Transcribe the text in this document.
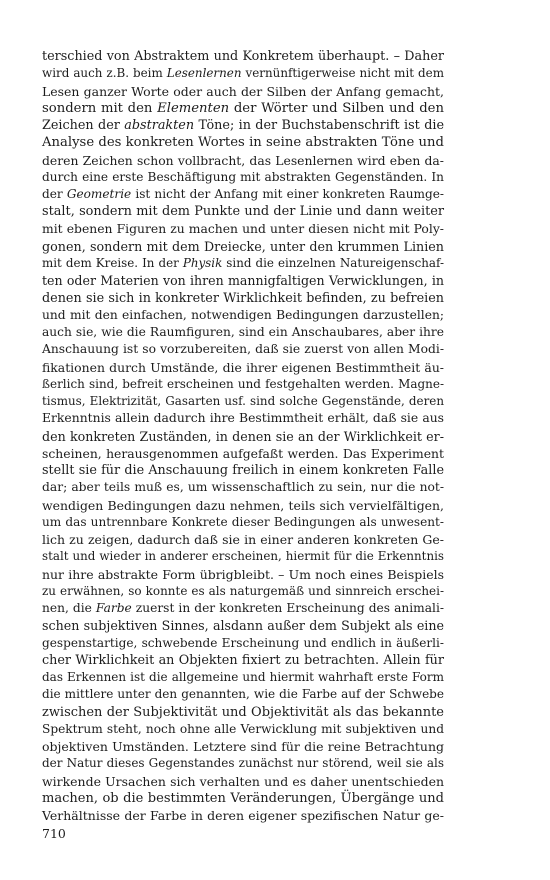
terschied von Abstraktem und Konkretem überhaupt. – Daher
wird auch z.B. beim Lesenlernen vernünftigerweise nicht mit dem
Lesen ganzer Worte oder auch der Silben der Anfang gemacht,
sondern mit den Elementen der Wörter und Silben und den
Zeichen der abstrakten Töne; in der Buchstabenschrift ist die
Analyse des konkreten Wortes in seine abstrakten Töne und
deren Zeichen schon vollbracht, das Lesenlernen wird eben da-
durch eine erste Beschäftigung mit abstrakten Gegenständen. In
der Geometrie ist nicht der Anfang mit einer konkreten Raumge-
stalt, sondern mit dem Punkte und der Linie und dann weiter
mit ebenen Figuren zu machen und unter diesen nicht mit Poly-
gonen, sondern mit dem Dreiecke, unter den krummen Linien
mit dem Kreise. In der Physik sind die einzelnen Natureigenschaf-
ten oder Materien von ihren mannigfaltigen Verwicklungen, in
denen sie sich in konkreter Wirklichkeit befinden, zu befreien
und mit den einfachen, notwendigen Bedingungen darzustellen;
auch sie, wie die Raumfiguren, sind ein Anschaubares, aber ihre
Anschauung ist so vorzubereiten, daß sie zuerst von allen Modi-
fikationen durch Umstände, die ihrer eigenen Bestimmtheit äu-
ßerlich sind, befreit erscheinen und festgehalten werden. Magne-
tismus, Elektrizität, Gasarten usf. sind solche Gegenstände, deren
Erkenntnis allein dadurch ihre Bestimmtheit erhält, daß sie aus
den konkreten Zuständen, in denen sie an der Wirklichkeit er-
scheinen, herausgenommen aufgefaßt werden. Das Experiment
stellt sie für die Anschauung freilich in einem konkreten Falle
dar; aber teils muß es, um wissenschaftlich zu sein, nur die not-
wendigen Bedingungen dazu nehmen, teils sich vervielfältigen,
um das untrennbare Konkrete dieser Bedingungen als unwesent-
lich zu zeigen, dadurch daß sie in einer anderen konkreten Ge-
stalt und wieder in anderer erscheinen, hiermit für die Erkenntnis
nur ihre abstrakte Form übrigbleibt. – Um noch eines Beispiels
zu erwähnen, so konnte es als naturgemäß und sinnreich erschei-
nen, die Farbe zuerst in der konkreten Erscheinung des animali-
schen subjektiven Sinnes, alsdann außer dem Subjekt als eine
gespenstartige, schwebende Erscheinung und endlich in äußerli-
cher Wirklichkeit an Objekten fixiert zu betrachten. Allein für
das Erkennen ist die allgemeine und hiermit wahrhaft erste Form
die mittlere unter den genannten, wie die Farbe auf der Schwebe
zwischen der Subjektivität und Objektivität als das bekannte
Spektrum steht, noch ohne alle Verwicklung mit subjektiven und
objektiven Umständen. Letztere sind für die reine Betrachtung
der Natur dieses Gegenstandes zunächst nur störend, weil sie als
wirkende Ursachen sich verhalten und es daher unentschieden
machen, ob die bestimmten Veränderungen, Übergänge und
Verhältnisse der Farbe in deren eigener spezifischen Natur ge-
710
